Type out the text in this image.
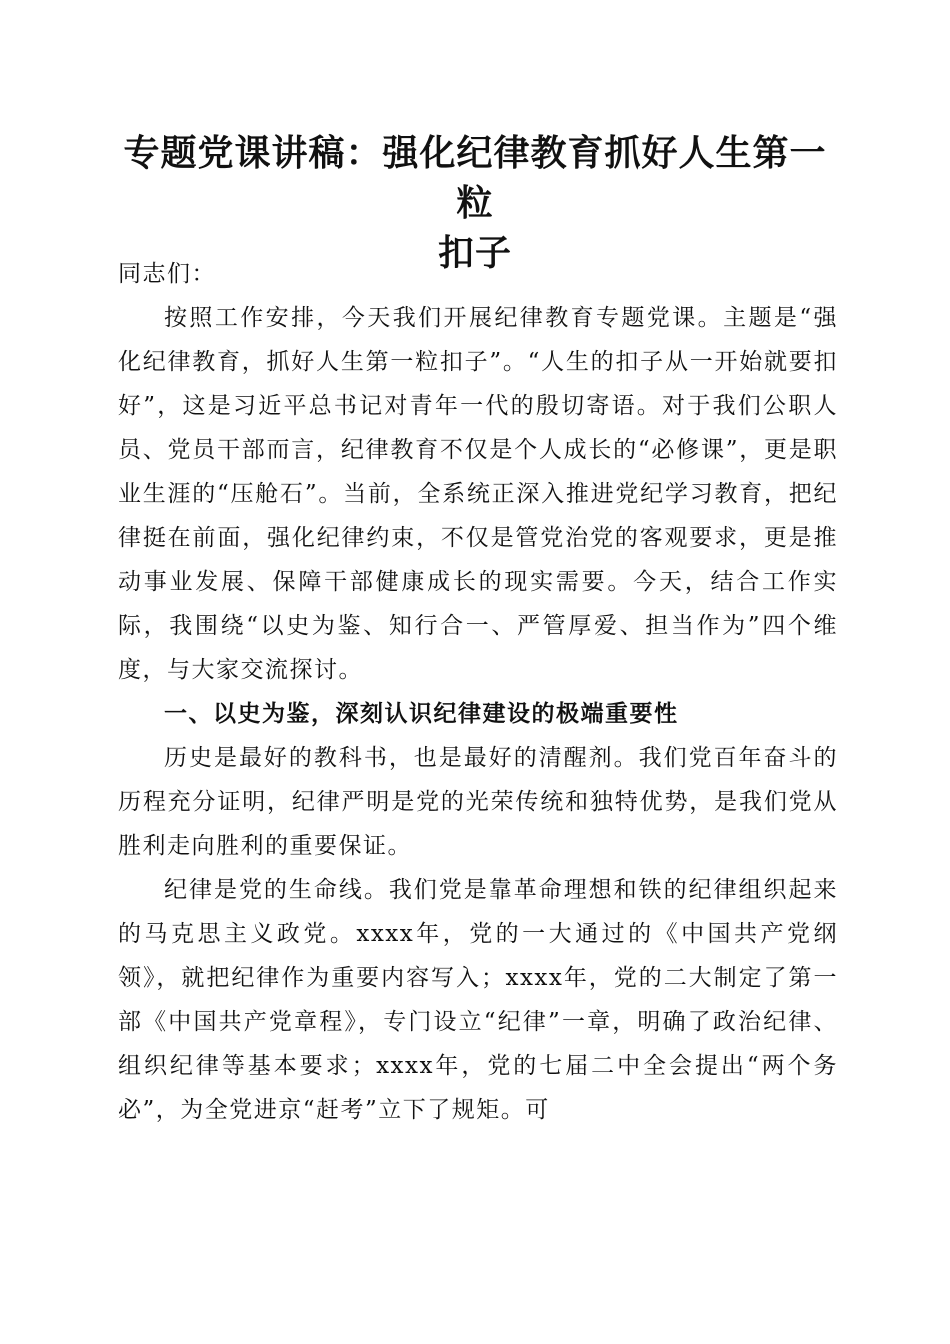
专题党课讲稿：强化纪律教育抓好人生第一粒
扣子

同志们：

按照工作安排，今天我们开展纪律教育专题党课。主题是“强化纪律教育，抓好人生第一粒扣子”。“人生的扣子从一开始就要扣好”，这是习近平总书记对青年一代的殷切寄语。对于我们公职人员、党员干部而言，纪律教育不仅是个人成长的“必修课”，更是职业生涯的“压舱石”。当前，全系统正深入推进党纪学习教育，把纪律挺在前面，强化纪律约束，不仅是管党治党的客观要求，更是推动事业发展、保障干部健康成长的现实需要。今天，结合工作实际，我围绕“以史为鉴、知行合一、严管厚爱、担当作为”四个维度，与大家交流探讨。

一、以史为鉴，深刻认识纪律建设的极端重要性

历史是最好的教科书，也是最好的清醒剂。我们党百年奋斗的历程充分证明，纪律严明是党的光荣传统和独特优势，是我们党从胜利走向胜利的重要保证。

纪律是党的生命线。我们党是靠革命理想和铁的纪律组织起来的马克思主义政党。xxxx年，党的一大通过的《中国共产党纲领》，就把纪律作为重要内容写入；xxxx年，党的二大制定了第一部《中国共产党章程》，专门设立“纪律”一章，明确了政治纪律、组织纪律等基本要求；xxxx年，党的七届二中全会提出“两个务必”，为全党进京“赶考”立下了规矩。可
